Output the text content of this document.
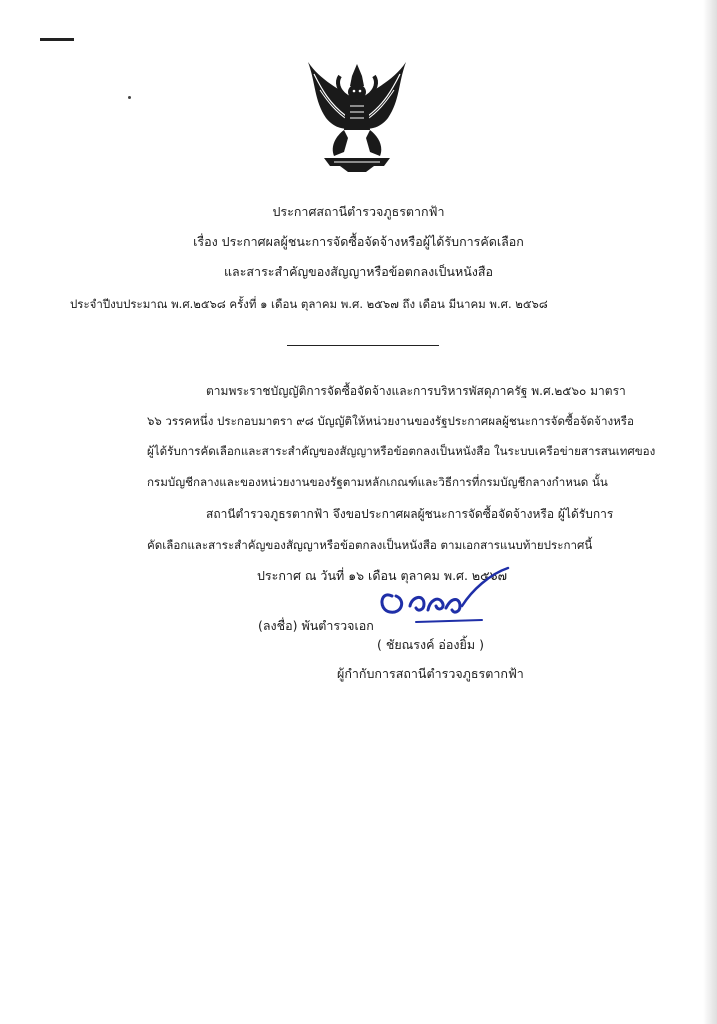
ประกาศสถานีตำรวจภูธรตากฟ้า
เรื่อง ประกาศผลผู้ชนะการจัดซื้อจัดจ้างหรือผู้ได้รับการคัดเลือก
และสาระสำคัญของสัญญาหรือข้อตกลงเป็นหนังสือ
ประจำปีงบประมาณ พ.ศ.๒๕๖๘ ครั้งที่ ๑ เดือน ตุลาคม พ.ศ. ๒๕๖๗ ถึง เดือน มีนาคม พ.ศ. ๒๕๖๘
ตามพระราชบัญญัติการจัดซื้อจัดจ้างและการบริหารพัสดุภาครัฐ พ.ศ.๒๕๖๐ มาตรา
๖๖ วรรคหนึ่ง ประกอบมาตรา ๙๘ บัญญัติให้หน่วยงานของรัฐประกาศผลผู้ชนะการจัดซื้อจัดจ้างหรือ
ผู้ได้รับการคัดเลือกและสาระสำคัญของสัญญาหรือข้อตกลงเป็นหนังสือ ในระบบเครือข่ายสารสนเทศของ
กรมบัญชีกลางและของหน่วยงานของรัฐตามหลักเกณฑ์และวิธีการที่กรมบัญชีกลางกำหนด นั้น
สถานีตำรวจภูธรตากฟ้า จึงขอประกาศผลผู้ชนะการจัดซื้อจัดจ้างหรือ ผู้ได้รับการ
คัดเลือกและสาระสำคัญของสัญญาหรือข้อตกลงเป็นหนังสือ ตามเอกสารแนบท้ายประกาศนี้
ประกาศ ณ วันที่ ๑๖ เดือน ตุลาคม พ.ศ. ๒๕๖๗
(ลงชื่อ) พันตำรวจเอก
( ชัยณรงค์ อ่องยิ้ม )
ผู้กำกับการสถานีตำรวจภูธรตากฟ้า
